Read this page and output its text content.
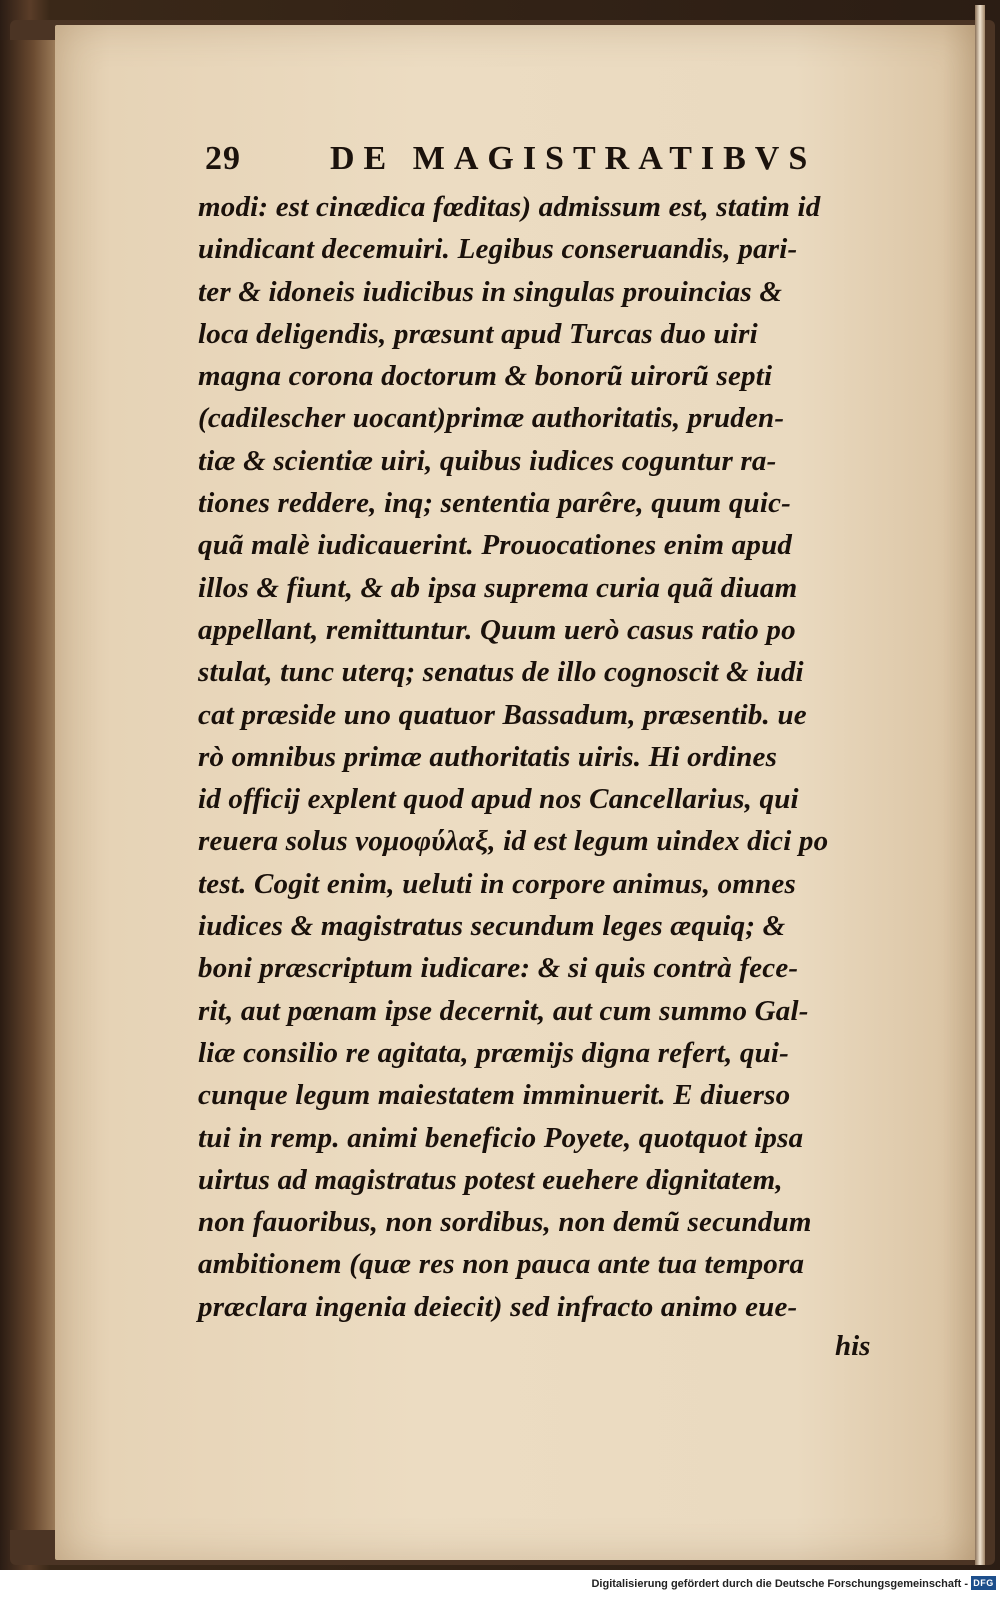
29	DE MAGISTRATIBVS
modi: est cinædica fœditas) admissum est, statim id
uindicant decemuiri. Legibus conseruandis, pari-
ter & idoneis iudicibus in singulas prouincias &
loca deligendis, præsunt apud Turcas duo uiri
magna corona doctorum & bonorũ uirorũ septi
(cadilescher uocant)primæ authoritatis, pruden-
tiæ & scientiæ uiri, quibus iudices coguntur ra-
tiones reddere, inq; sententia parêre, quum quic-
quã malè iudicauerint. Prouocationes enim apud
illos & fiunt, & ab ipsa suprema curia quã diuam
appellant, remittuntur. Quum uerò casus ratio po
stulat, tunc uterq; senatus de illo cognoscit & iudi
cat præside uno quatuor Bassadum, præsentib. ue
rò omnibus primæ authoritatis uiris. Hi ordines
id officij explent quod apud nos Cancellarius, qui
reuera solus νομοφύλαξ, id est legum uindex dici po
test. Cogit enim, ueluti in corpore animus, omnes
iudices & magistratus secundum leges æquiq; &
boni præscriptum iudicare: & si quis contrà fece-
rit, aut pœnam ipse decernit, aut cum summo Gal-
liæ consilio re agitata, præmijs digna refert, qui-
cunque legum maiestatem imminuerit. E diuerso
tui in remp. animi beneficio Poyete, quotquot ipsa
uirtus ad magistratus potest euehere dignitatem,
non fauoribus, non sordibus, non demũ secundum
ambitionem (quæ res non pauca ante tua tempora
præclara ingenia deiecit) sed infracto animo eue-
his
Digitalisierung gefördert durch die Deutsche Forschungsgemeinschaft - DFG
